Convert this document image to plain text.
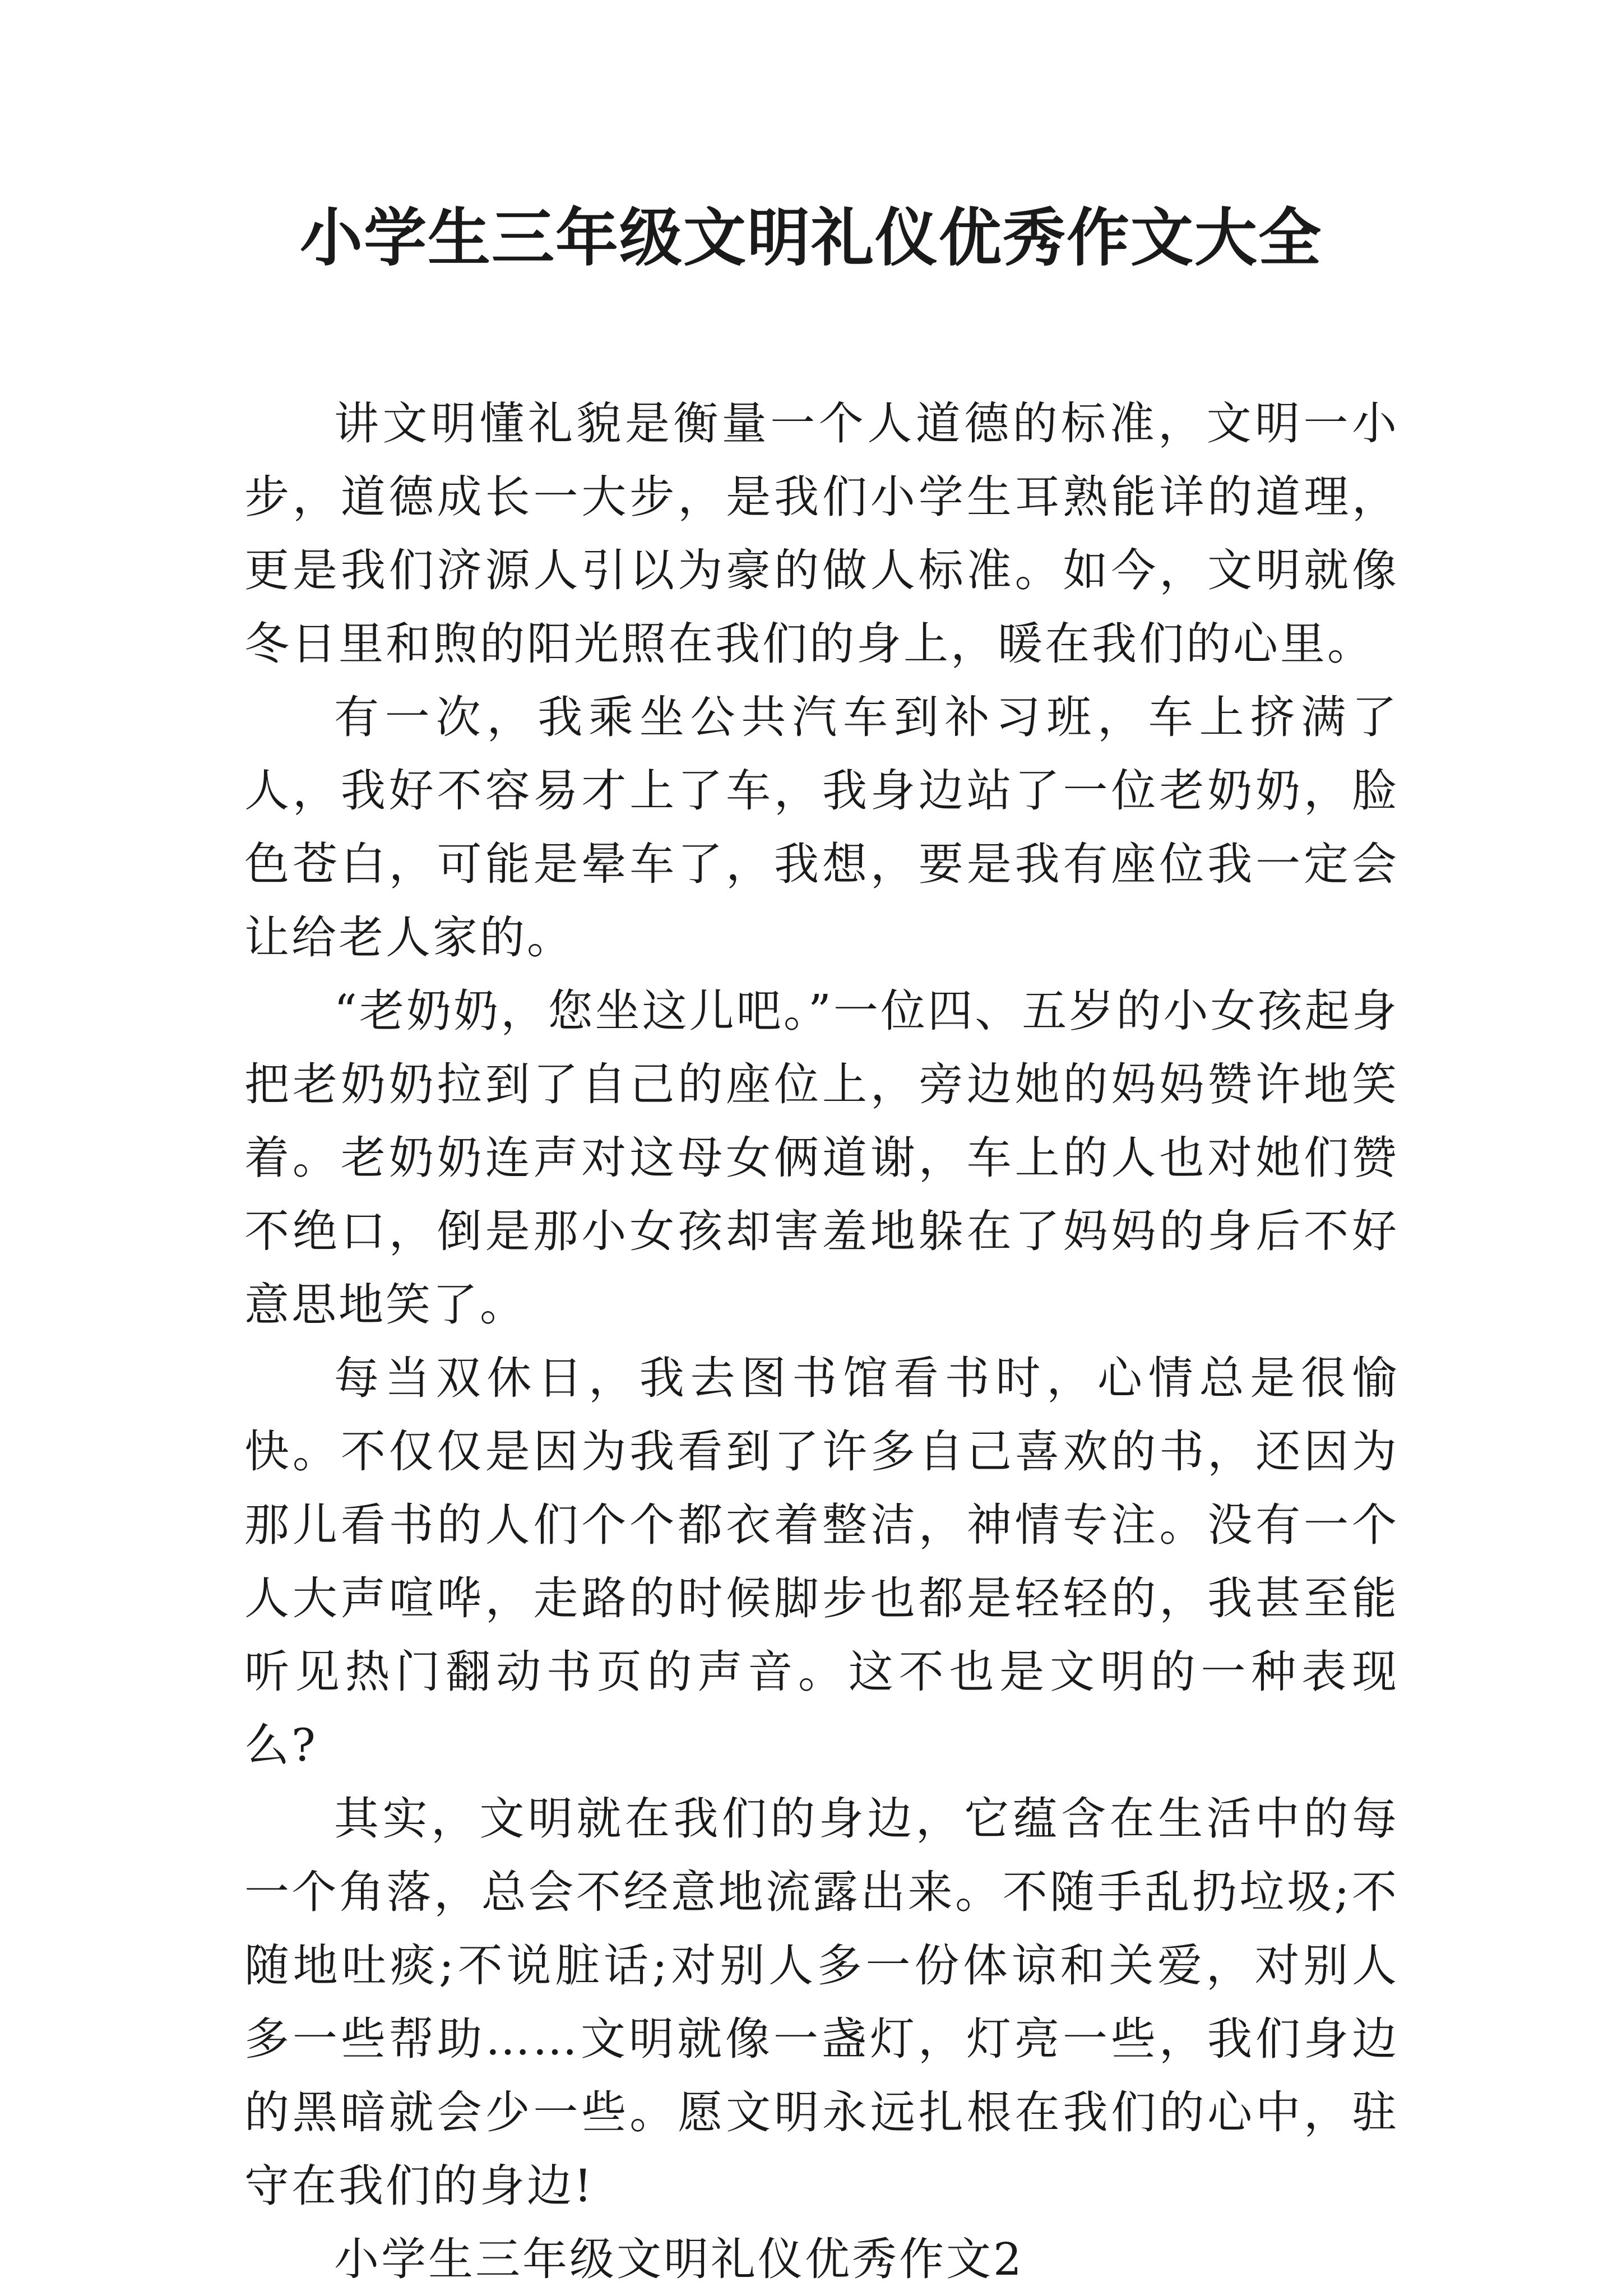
小学生三年级文明礼仪优秀作文大全

讲文明懂礼貌是衡量一个人道德的标准，文明一小步，道德成长一大步，是我们小学生耳熟能详的道理，更是我们济源人引以为豪的做人标准。如今，文明就像冬日里和煦的阳光照在我们的身上，暖在我们的心里。

有一次，我乘坐公共汽车到补习班，车上挤满了人，我好不容易才上了车，我身边站了一位老奶奶，脸色苍白，可能是晕车了，我想，要是我有座位我一定会让给老人家的。

“老奶奶，您坐这儿吧。”一位四、五岁的小女孩起身把老奶奶拉到了自己的座位上，旁边她的妈妈赞许地笑着。老奶奶连声对这母女俩道谢，车上的人也对她们赞不绝口，倒是那小女孩却害羞地躲在了妈妈的身后不好意思地笑了。

每当双休日，我去图书馆看书时，心情总是很愉快。不仅仅是因为我看到了许多自己喜欢的书，还因为那儿看书的人们个个都衣着整洁，神情专注。没有一个人大声喧哗，走路的时候脚步也都是轻轻的，我甚至能听见热门翻动书页的声音。这不也是文明的一种表现么?

其实，文明就在我们的身边，它蕴含在生活中的每一个角落，总会不经意地流露出来。不随手乱扔垃圾;不随地吐痰;不说脏话;对别人多一份体谅和关爱，对别人多一些帮助……文明就像一盏灯，灯亮一些，我们身边的黑暗就会少一些。愿文明永远扎根在我们的心中，驻守在我们的身边!

小学生三年级文明礼仪优秀作文2
